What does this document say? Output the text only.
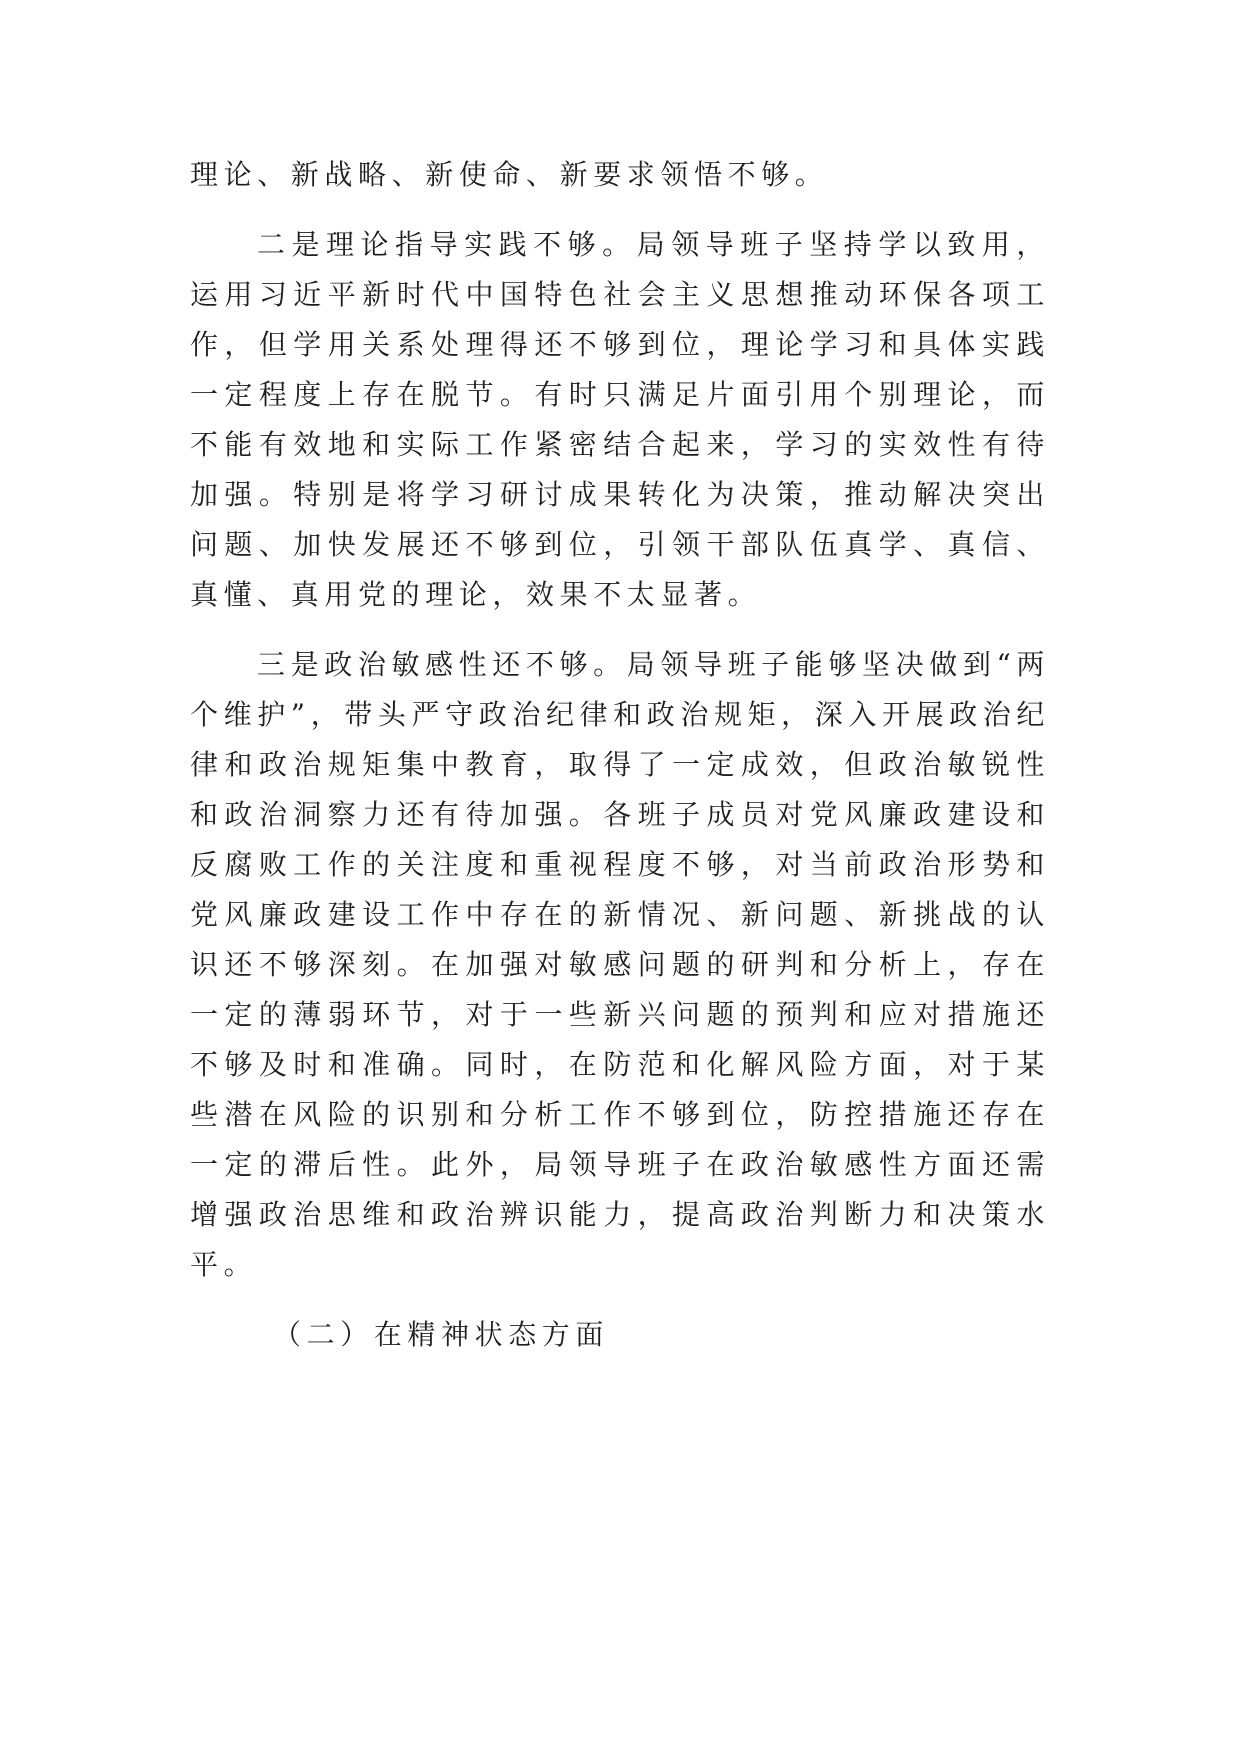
理论、新战略、新使命、新要求领悟不够。

二是理论指导实践不够。局领导班子坚持学以致用，运用习近平新时代中国特色社会主义思想推动环保各项工作，但学用关系处理得还不够到位，理论学习和具体实践一定程度上存在脱节。有时只满足片面引用个别理论，而不能有效地和实际工作紧密结合起来，学习的实效性有待加强。特别是将学习研讨成果转化为决策，推动解决突出问题、加快发展还不够到位，引领干部队伍真学、真信、真懂、真用党的理论，效果不太显著。

三是政治敏感性还不够。局领导班子能够坚决做到“两个维护”，带头严守政治纪律和政治规矩，深入开展政治纪律和政治规矩集中教育，取得了一定成效，但政治敏锐性和政治洞察力还有待加强。各班子成员对党风廉政建设和反腐败工作的关注度和重视程度不够，对当前政治形势和党风廉政建设工作中存在的新情况、新问题、新挑战的认识还不够深刻。在加强对敏感问题的研判和分析上，存在一定的薄弱环节，对于一些新兴问题的预判和应对措施还不够及时和准确。同时，在防范和化解风险方面，对于某些潜在风险的识别和分析工作不够到位，防控措施还存在一定的滞后性。此外，局领导班子在政治敏感性方面还需增强政治思维和政治辨识能力，提高政治判断力和决策水平。

（二）在精神状态方面
